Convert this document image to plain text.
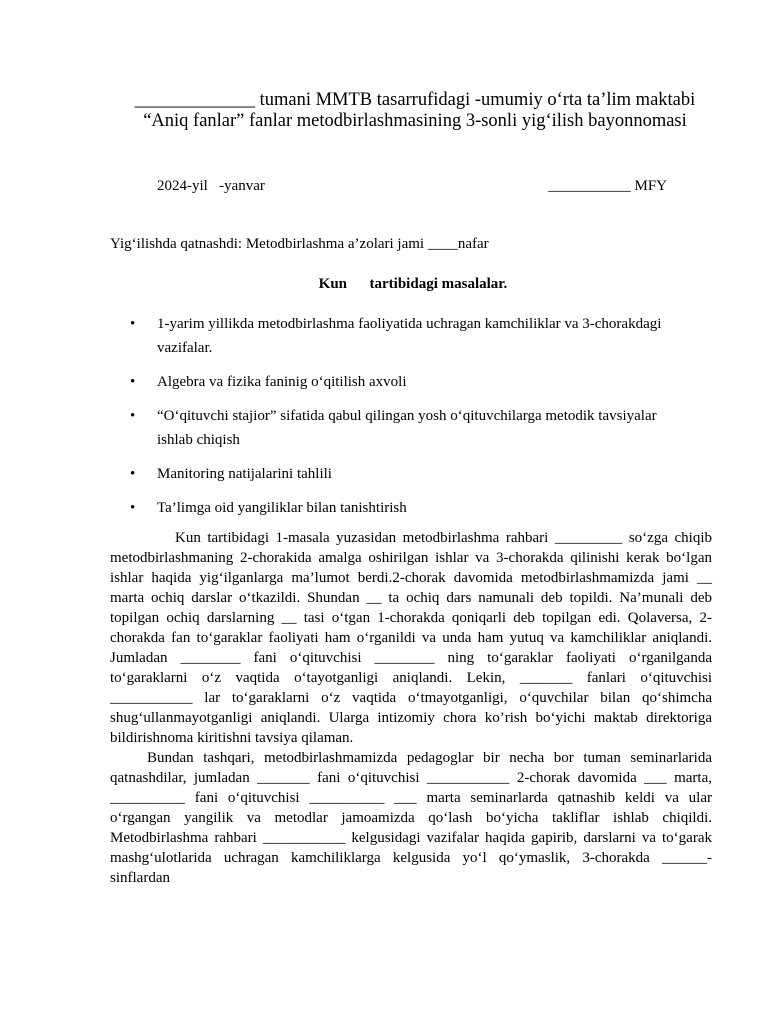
_____________ tumani MMTB tasarrufidagi -umumiy o‘rta ta’lim maktabi “Aniq fanlar” fanlar metodbirlashmasining 3-sonli yig‘ilish bayonnomasi
2024-yil   -yanvar	___________ MFY
Yig‘ilishda qatnashdi: Metodbirlashma a’zolari jami ____nafar
Kun      tartibidagi masalalar.
• 1-yarim yillikda metodbirlashma faoliyatida uchragan kamchiliklar va 3-chorakdagi vazifalar.
• Algebra va fizika faninig o‘qitilish axvoli
• “O‘qituvchi stajior” sifatida qabul qilingan yosh o‘qituvchilarga metodik tavsiyalar ishlab chiqish
• Manitoring natijalarini tahlili
• Ta’limga oid yangiliklar bilan tanishtirish

Kun tartibidagi 1-masala yuzasidan metodbirlashma rahbari _________ so‘zga chiqib metodbirlashmaning 2-chorakida amalga oshirilgan ishlar va 3-chorakda qilinishi kerak bo‘lgan ishlar haqida yig‘ilganlarga ma’lumot berdi.2-chorak davomida metodbirlashmamizda jami __ marta ochiq darslar o‘tkazildi. Shundan __ ta ochiq dars namunali deb topildi. Na’munali deb topilgan ochiq darslarning __ tasi o‘tgan 1-chorakda qoniqarli deb topilgan edi. Qolaversa, 2-chorakda fan to‘garaklar faoliyati ham o‘rganildi va unda ham yutuq va kamchiliklar aniqlandi. Jumladan ________ fani o‘qituvchisi ________ ning to‘garaklar faoliyati o‘rganilganda to‘garaklarni o‘z vaqtida o‘tayotganligi aniqlandi. Lekin, _______ fanlari o‘qituvchisi ___________ lar to‘garaklarni o‘z vaqtida o‘tmayotganligi, o‘quvchilar bilan qo‘shimcha shug‘ullanmayotganligi aniqlandi. Ularga intizomiy chora ko’rish bo‘yichi maktab direktoriga bildirishnoma kiritishni tavsiya qilaman.

Bundan tashqari, metodbirlashmamizda pedagoglar bir necha bor tuman seminarlarida qatnashdilar, jumladan _______ fani o‘qituvchisi ___________ 2-chorak davomida ___ marta, __________ fani o‘qituvchisi __________ ___ marta seminarlarda qatnashib keldi va ular o‘rgangan yangilik va metodlar jamoamizda qo‘lash bo‘yicha takliflar ishlab chiqildi. Metodbirlashma rahbari ___________ kelgusidagi vazifalar haqida gapirib, darslarni va to‘garak mashg‘ulotlarida uchragan kamchiliklarga kelgusida yo‘l qo‘ymaslik, 3-chorakda ______-sinflardan
